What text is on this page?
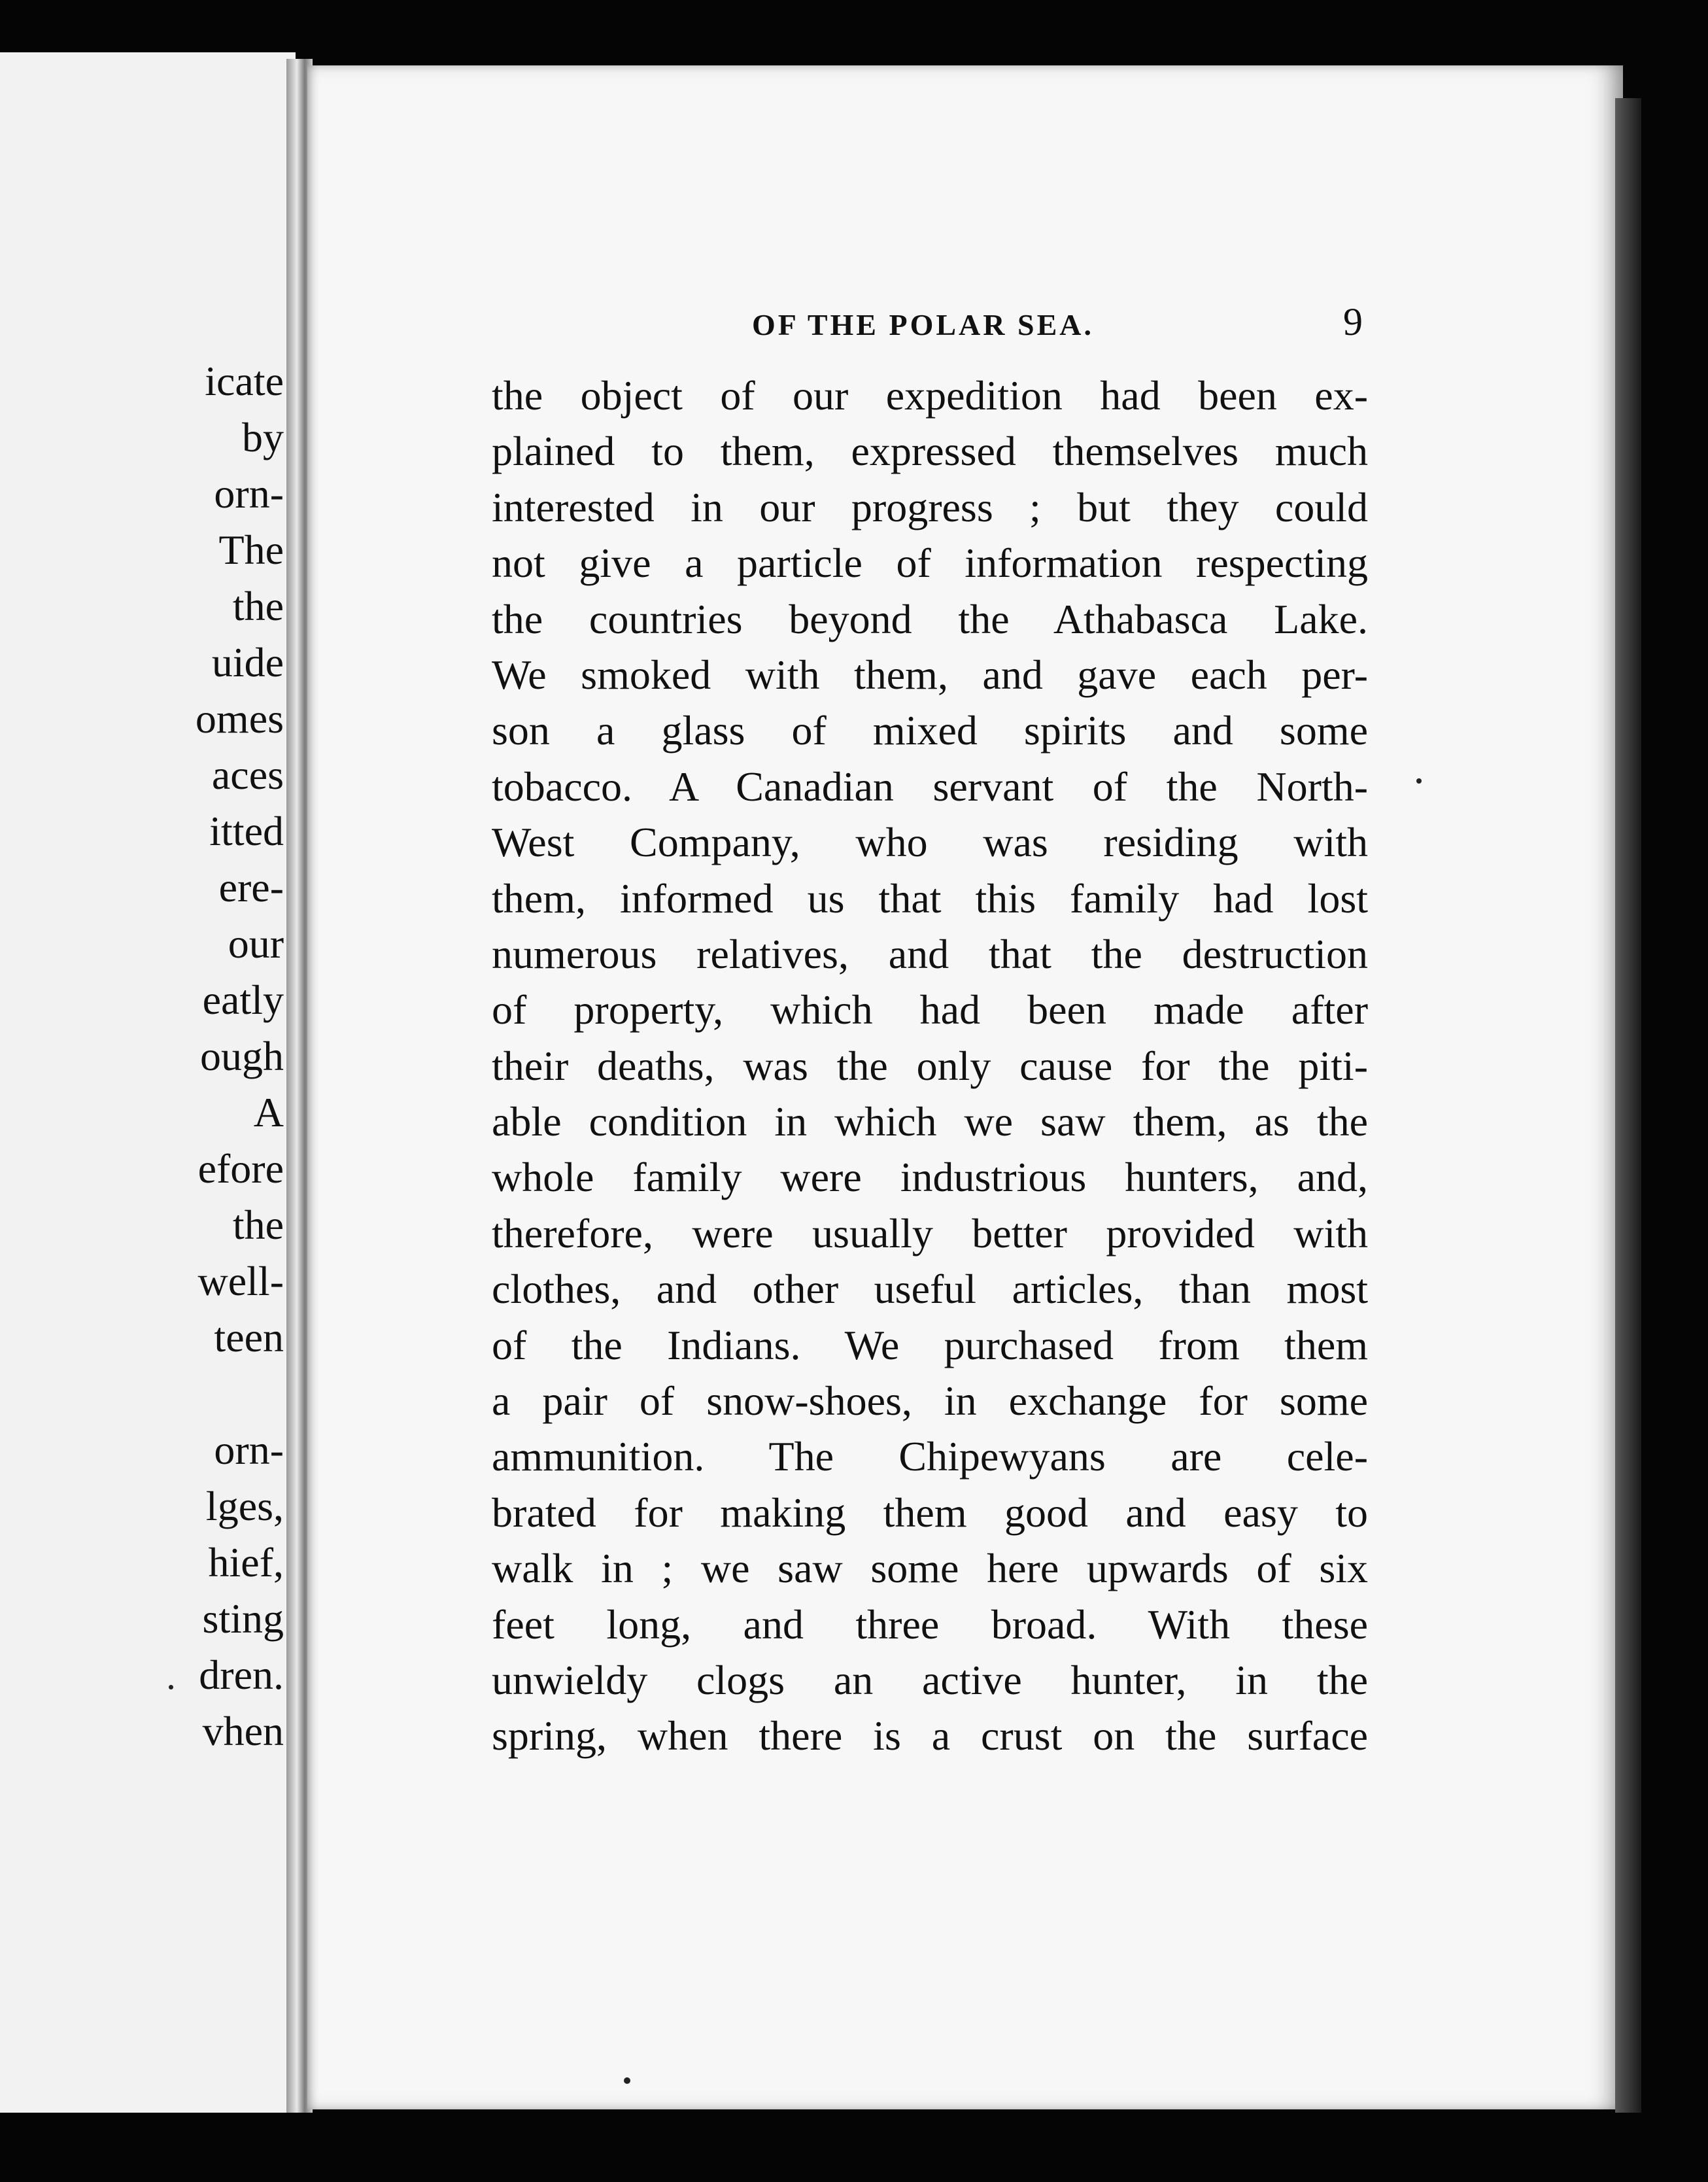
icate
by
orn-
The
the
uide
omes
aces
itted
ere-
our
eatly
ough
A
efore
the
well-
teen
orn-
lges,
hief,
sting
dren.
vhen
OF THE POLAR SEA.	9
the object of our expedition had been ex-
plained to them, expressed themselves much
interested in our progress ; but they could
not give a particle of information respecting
the countries beyond the Athabasca Lake.
We smoked with them, and gave each per-
son a glass of mixed spirits and some
tobacco. A Canadian servant of the North-
West Company, who was residing with
them, informed us that this family had lost
numerous relatives, and that the destruction
of property, which had been made after
their deaths, was the only cause for the piti-
able condition in which we saw them, as the
whole family were industrious hunters, and,
therefore, were usually better provided with
clothes, and other useful articles, than most
of the Indians. We purchased from them
a pair of snow-shoes, in exchange for some
ammunition. The Chipewyans are cele-
brated for making them good and easy to
walk in ; we saw some here upwards of six
feet long, and three broad. With these
unwieldy clogs an active hunter, in the
spring, when there is a crust on the surface
